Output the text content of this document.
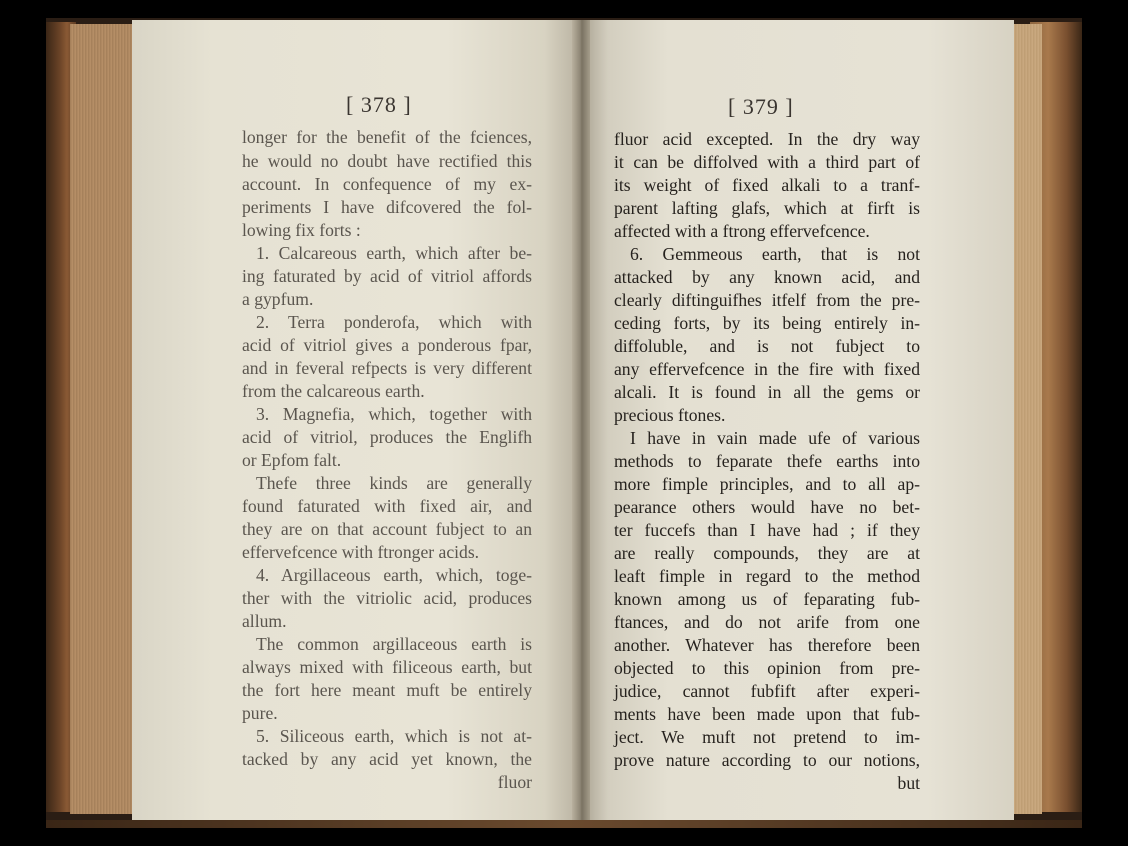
[ 378 ]
longer for the benefit of the fciences,
he would no doubt have rectified this
account. In confequence of my ex-
periments I have difcovered the fol-
lowing fix forts :
1. Calcareous earth, which after be-
ing faturated by acid of vitriol affords
a gypfum.
2. Terra ponderofa, which with
acid of vitriol gives a ponderous fpar,
and in feveral refpects is very different
from the calcareous earth.
3. Magnefia, which, together with
acid of vitriol, produces the Englifh
or Epfom falt.
Thefe three kinds are generally
found faturated with fixed air, and
they are on that account fubject to an
effervefcence with ftronger acids.
4. Argillaceous earth, which, toge-
ther with the vitriolic acid, produces
allum.
The common argillaceous earth is
always mixed with filiceous earth, but
the fort here meant muft be entirely
pure.
5. Siliceous earth, which is not at-
tacked by any acid yet known, the
fluor
[ 379 ]
fluor acid excepted. In the dry way
it can be diffolved with a third part of
its weight of fixed alkali to a tranf-
parent lafting glafs, which at firft is
affected with a ftrong effervefcence.
6. Gemmeous earth, that is not
attacked by any known acid, and
clearly diftinguifhes itfelf from the pre-
ceding forts, by its being entirely in-
diffoluble, and is not fubject to
any effervefcence in the fire with fixed
alcali. It is found in all the gems or
precious ftones.
I have in vain made ufe of various
methods to feparate thefe earths into
more fimple principles, and to all ap-
pearance others would have no bet-
ter fuccefs than I have had ; if they
are really compounds, they are at
leaft fimple in regard to the method
known among us of feparating fub-
ftances, and do not arife from one
another. Whatever has therefore been
objected to this opinion from pre-
judice, cannot fubfift after experi-
ments have been made upon that fub-
ject. We muft not pretend to im-
prove nature according to our notions,
but
